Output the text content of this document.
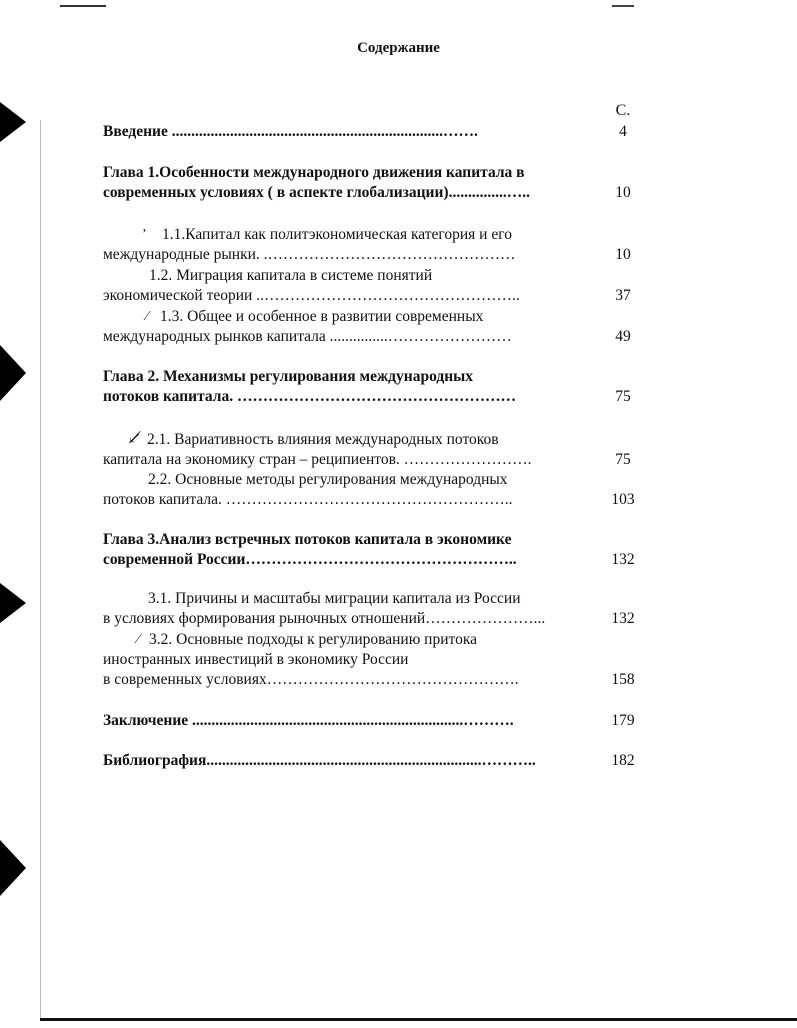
Содержание
С.
Введение ......................................................................…….	4
Глава 1.Особенности международного движения капитала в
современных условиях ( в аспекте глобализации)...............…..	10
ʼ 1.1.Капитал как политэкономическая категория и его
международные рынки. .…………………………………………	10
1.2. Миграция капитала в системе понятий
экономической теории ..…………………………………………..	37
⁄ 1.3. Общее и особенное в развитии современных
международных рынков капитала ...............……………………	49
Глава 2. Механизмы регулирования международных
потоков капитала. ………………………………………………	75
↙̸ 2.1. Вариативность влияния международных потоков
капитала на экономику стран – реципиентов. …………………….	75
2.2. Основные методы регулирования международных
потоков капитала. ………………………………………………..	103
Глава 3.Анализ встречных потоков капитала в экономике
современной России……………………………………………..	132
3.1. Причины и масштабы миграции капитала из России
в условиях формирования рыночных отношений…………………...	132
⁄ 3.2. Основные подходы к регулированию притока
иностранных инвестиций в экономику России
в современных условиях………………………………………….	158
Заключение ......................................................................……….	179
Библиография.......................................................................………..	182
